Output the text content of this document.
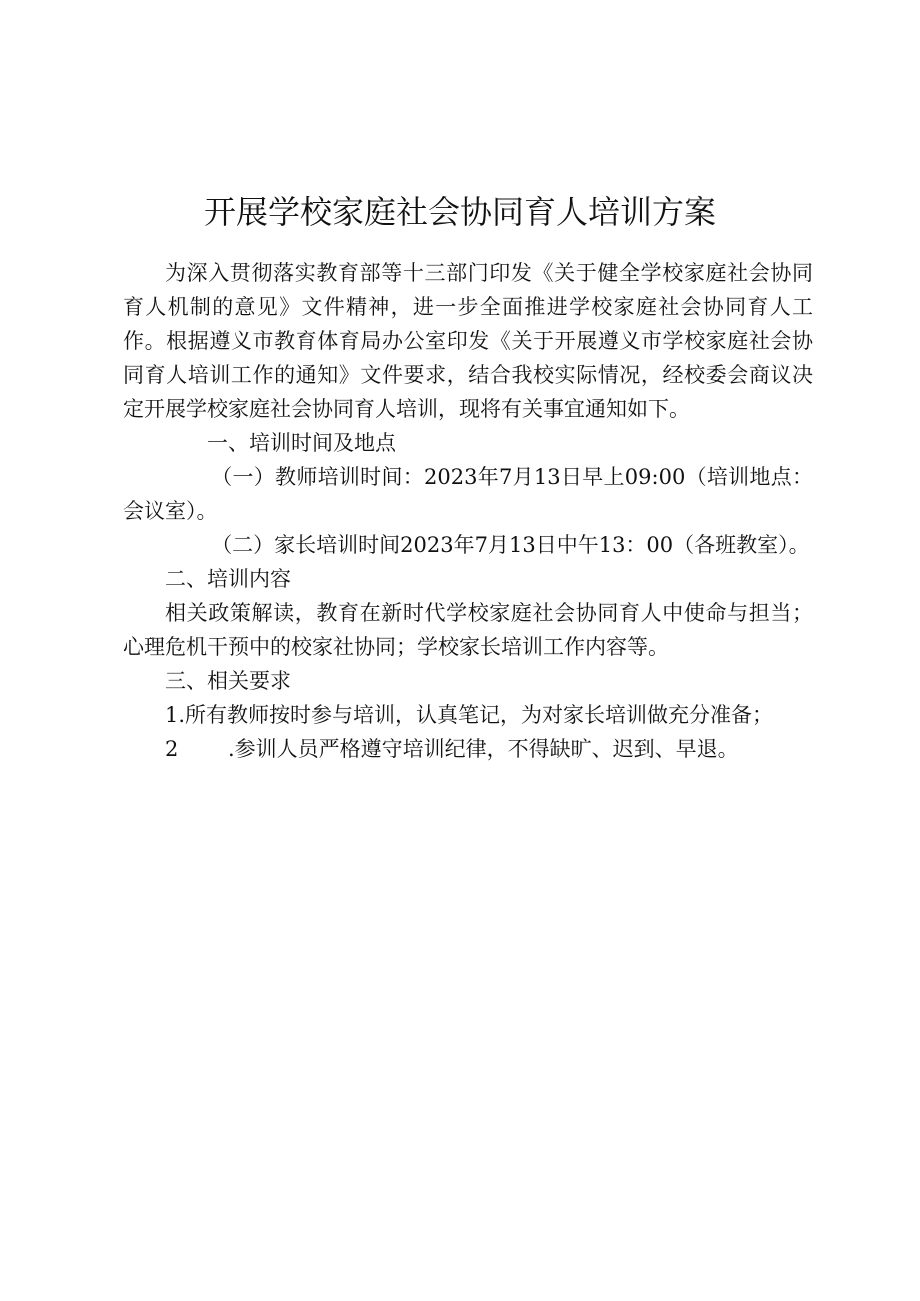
开展学校家庭社会协同育人培训方案

为深入贯彻落实教育部等十三部门印发《关于健全学校家庭社会协同育人机制的意见》文件精神，进一步全面推进学校家庭社会协同育人工作。根据遵义市教育体育局办公室印发《关于开展遵义市学校家庭社会协同育人培训工作的通知》文件要求，结合我校实际情况，经校委会商议决定开展学校家庭社会协同育人培训，现将有关事宜通知如下。

一、培训时间及地点

（一）教师培训时间：2023年7月13日早上09:00（培训地点：会议室）。

（二）家长培训时间2023年7月13日中午13：00（各班教室）。

二、培训内容

相关政策解读，教育在新时代学校家庭社会协同育人中使命与担当；心理危机干预中的校家社协同；学校家长培训工作内容等。

三、相关要求

1.所有教师按时参与培训，认真笔记，为对家长培训做充分准备；

2 .参训人员严格遵守培训纪律，不得缺旷、迟到、早退。
